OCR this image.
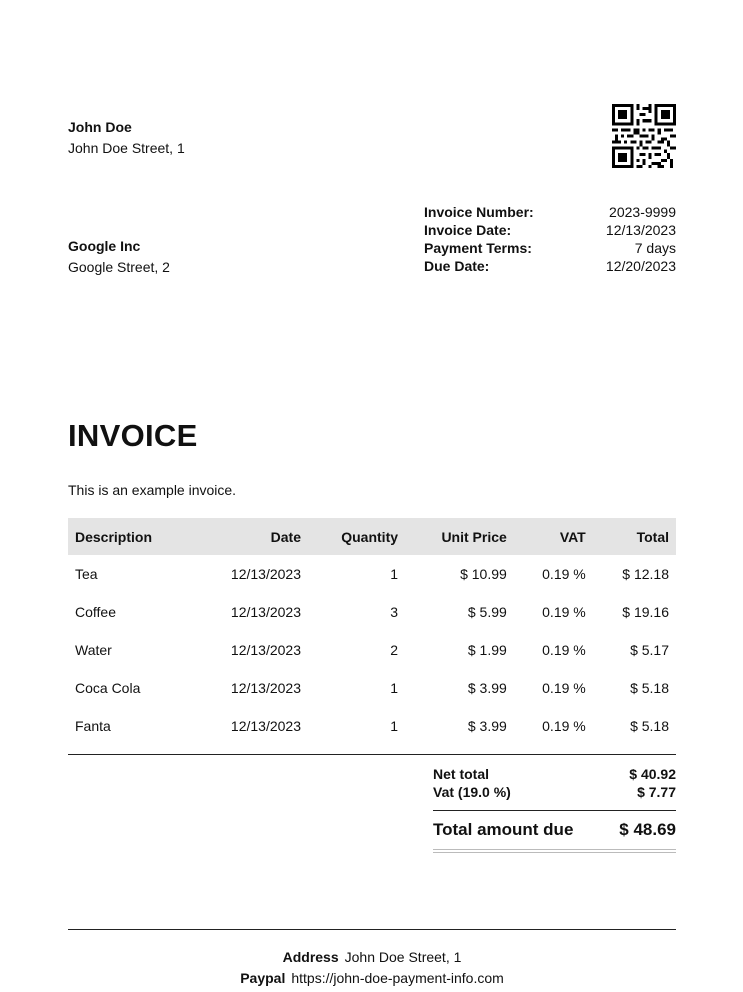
John Doe
John Doe Street, 1
Google Inc
Google Street, 2
Invoice Number:	2023-9999
Invoice Date:	12/13/2023
Payment Terms:	7 days
Due Date:	12/20/2023
INVOICE
This is an example invoice.
Description	Date	Quantity	Unit Price	VAT	Total
Tea	12/13/2023	1	$ 10.99	0.19 %	$ 12.18
Coffee	12/13/2023	3	$ 5.99	0.19 %	$ 19.16
Water	12/13/2023	2	$ 1.99	0.19 %	$ 5.17
Coca Cola	12/13/2023	1	$ 3.99	0.19 %	$ 5.18
Fanta	12/13/2023	1	$ 3.99	0.19 %	$ 5.18
Net total	$ 40.92
Vat (19.0 %)	$ 7.77
Total amount due	$ 48.69
Address John Doe Street, 1
Paypal https://john-doe-payment-info.com
